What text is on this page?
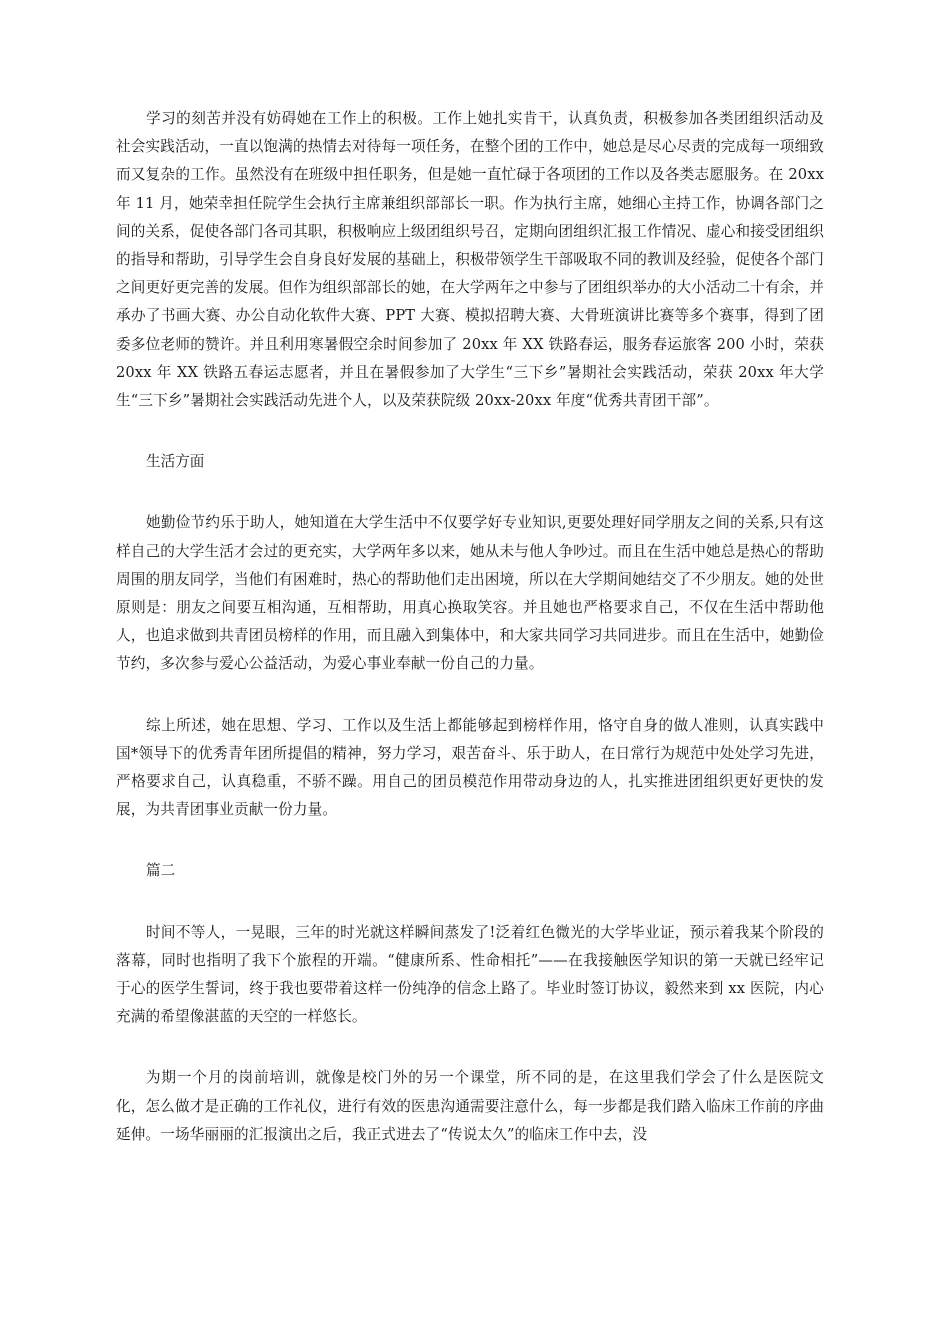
学习的刻苦并没有妨碍她在工作上的积极。工作上她扎实肯干，认真负责，积极参加各类团组织活动及社会实践活动，一直以饱满的热情去对待每一项任务，在整个团的工作中，她总是尽心尽责的完成每一项细致而又复杂的工作。虽然没有在班级中担任职务，但是她一直忙碌于各项团的工作以及各类志愿服务。在 20xx 年 11 月，她荣幸担任院学生会执行主席兼组织部部长一职。作为执行主席，她细心主持工作，协调各部门之间的关系，促使各部门各司其职，积极响应上级团组织号召，定期向团组织汇报工作情况、虚心和接受团组织的指导和帮助，引导学生会自身良好发展的基础上，积极带领学生干部吸取不同的教训及经验，促使各个部门之间更好更完善的发展。但作为组织部部长的她，在大学两年之中参与了团组织举办的大小活动二十有余，并承办了书画大赛、办公自动化软件大赛、PPT 大赛、模拟招聘大赛、大骨班演讲比赛等多个赛事，得到了团委多位老师的赞许。并且利用寒暑假空余时间参加了 20xx 年 XX 铁路春运，服务春运旅客 200 小时，荣获 20xx 年 XX 铁路五春运志愿者，并且在暑假参加了大学生“三下乡”暑期社会实践活动，荣获 20xx 年大学生“三下乡”暑期社会实践活动先进个人，以及荣获院级 20xx-20xx 年度“优秀共青团干部”。

生活方面

她勤俭节约乐于助人，她知道在大学生活中不仅要学好专业知识,更要处理好同学朋友之间的关系,只有这样自己的大学生活才会过的更充实，大学两年多以来，她从未与他人争吵过。而且在生活中她总是热心的帮助周围的朋友同学，当他们有困难时，热心的帮助他们走出困境，所以在大学期间她结交了不少朋友。她的处世原则是：朋友之间要互相沟通，互相帮助，用真心换取笑容。并且她也严格要求自己，不仅在生活中帮助他人，也追求做到共青团员榜样的作用，而且融入到集体中，和大家共同学习共同进步。而且在生活中，她勤俭节约，多次参与爱心公益活动，为爱心事业奉献一份自己的力量。

综上所述，她在思想、学习、工作以及生活上都能够起到榜样作用，恪守自身的做人准则，认真实践中国*领导下的优秀青年团所提倡的精神，努力学习，艰苦奋斗、乐于助人，在日常行为规范中处处学习先进，严格要求自己，认真稳重，不骄不躁。用自己的团员模范作用带动身边的人，扎实推进团组织更好更快的发展，为共青团事业贡献一份力量。

篇二

时间不等人，一晃眼，三年的时光就这样瞬间蒸发了!泛着红色微光的大学毕业证，预示着我某个阶段的落幕，同时也指明了我下个旅程的开端。“健康所系、性命相托”——在我接触医学知识的第一天就已经牢记于心的医学生誓词，终于我也要带着这样一份纯净的信念上路了。毕业时签订协议，毅然来到 xx 医院，内心充满的希望像湛蓝的天空的一样悠长。

为期一个月的岗前培训，就像是校门外的另一个课堂，所不同的是，在这里我们学会了什么是医院文化，怎么做才是正确的工作礼仪，进行有效的医患沟通需要注意什么，每一步都是我们踏入临床工作前的序曲延伸。一场华丽丽的汇报演出之后，我正式进去了“传说太久”的临床工作中去，没
